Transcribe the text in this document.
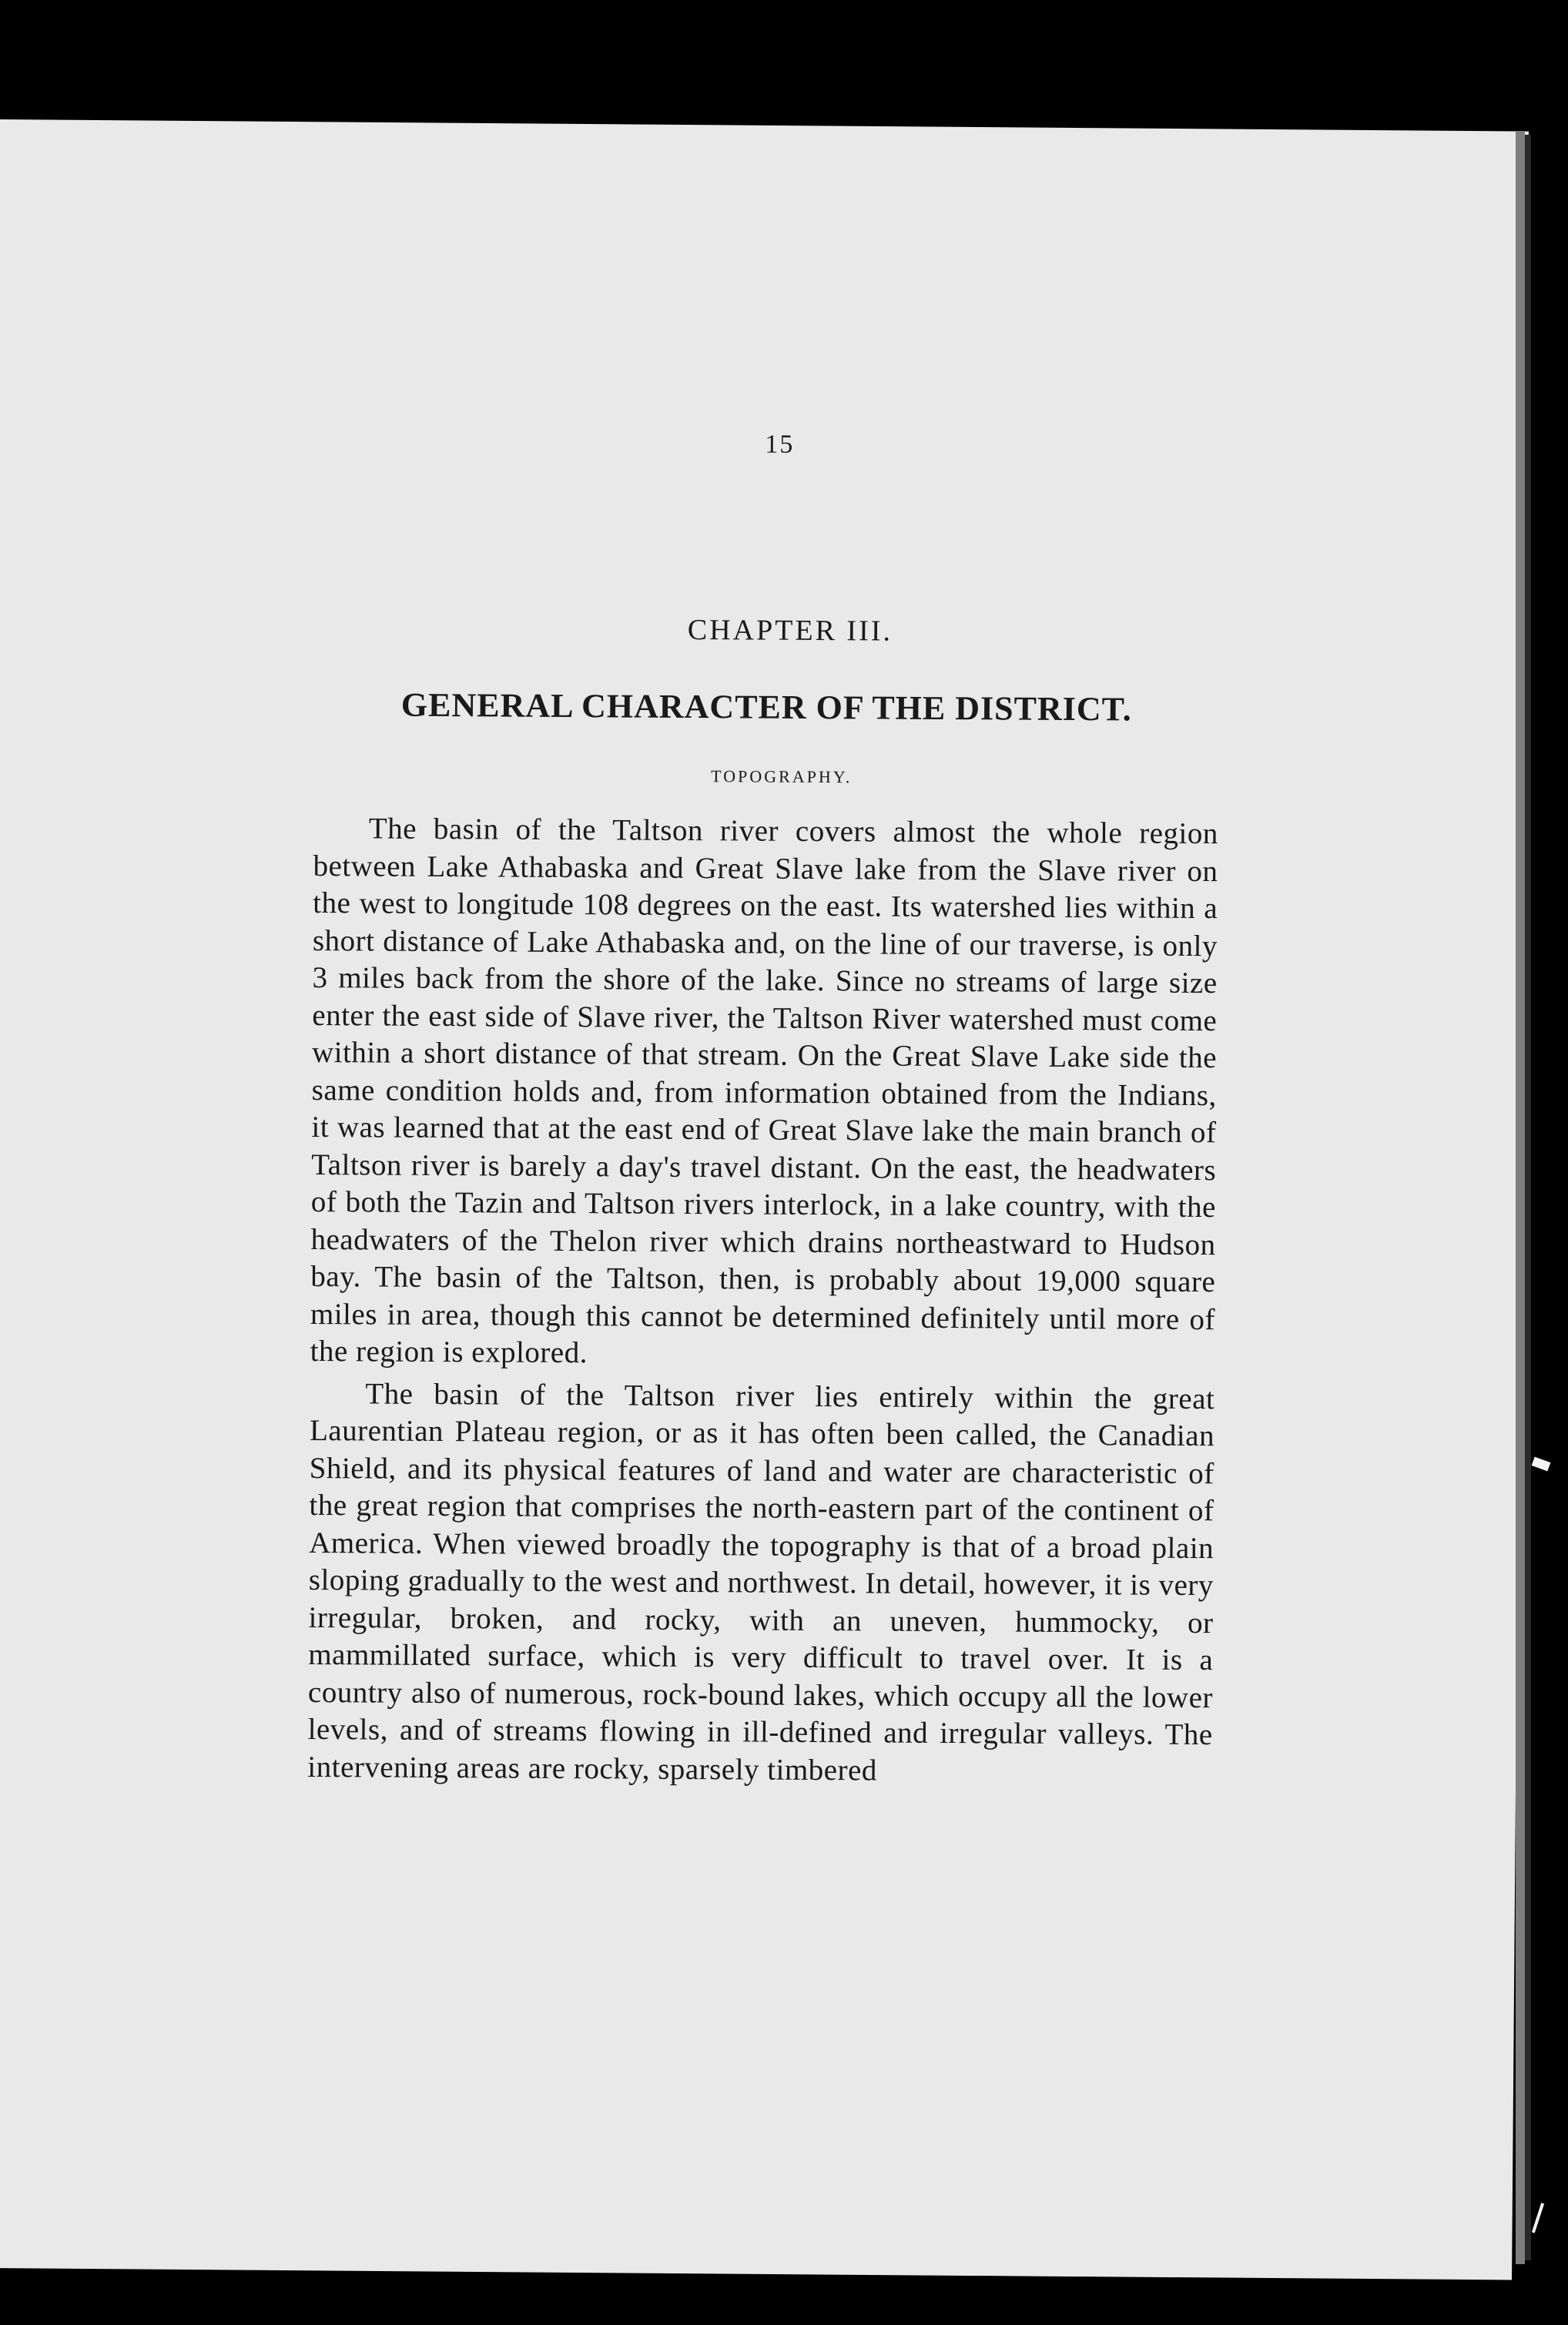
15
CHAPTER III.
GENERAL CHARACTER OF THE DISTRICT.
TOPOGRAPHY.

The basin of the Taltson river covers almost the whole region between Lake Athabaska and Great Slave lake from the Slave river on the west to longitude 108 degrees on the east. Its watershed lies within a short distance of Lake Athabaska and, on the line of our traverse, is only 3 miles back from the shore of the lake. Since no streams of large size enter the east side of Slave river, the Taltson River watershed must come within a short distance of that stream. On the Great Slave Lake side the same condition holds and, from information obtained from the Indians, it was learned that at the east end of Great Slave lake the main branch of Taltson river is barely a day's travel distant. On the east, the headwaters of both the Tazin and Taltson rivers interlock, in a lake country, with the headwaters of the Thelon river which drains northeastward to Hudson bay. The basin of the Taltson, then, is probably about 19,000 square miles in area, though this cannot be determined definitely until more of the region is explored.

The basin of the Taltson river lies entirely within the great Laurentian Plateau region, or as it has often been called, the Canadian Shield, and its physical features of land and water are characteristic of the great region that comprises the north-eastern part of the continent of America. When viewed broadly the topography is that of a broad plain sloping gradually to the west and northwest. In detail, however, it is very irregular, broken, and rocky, with an uneven, hummocky, or mammillated surface, which is very difficult to travel over. It is a country also of numerous, rock-bound lakes, which occupy all the lower levels, and of streams flowing in ill-defined and irregular valleys. The intervening areas are rocky, sparsely timbered
